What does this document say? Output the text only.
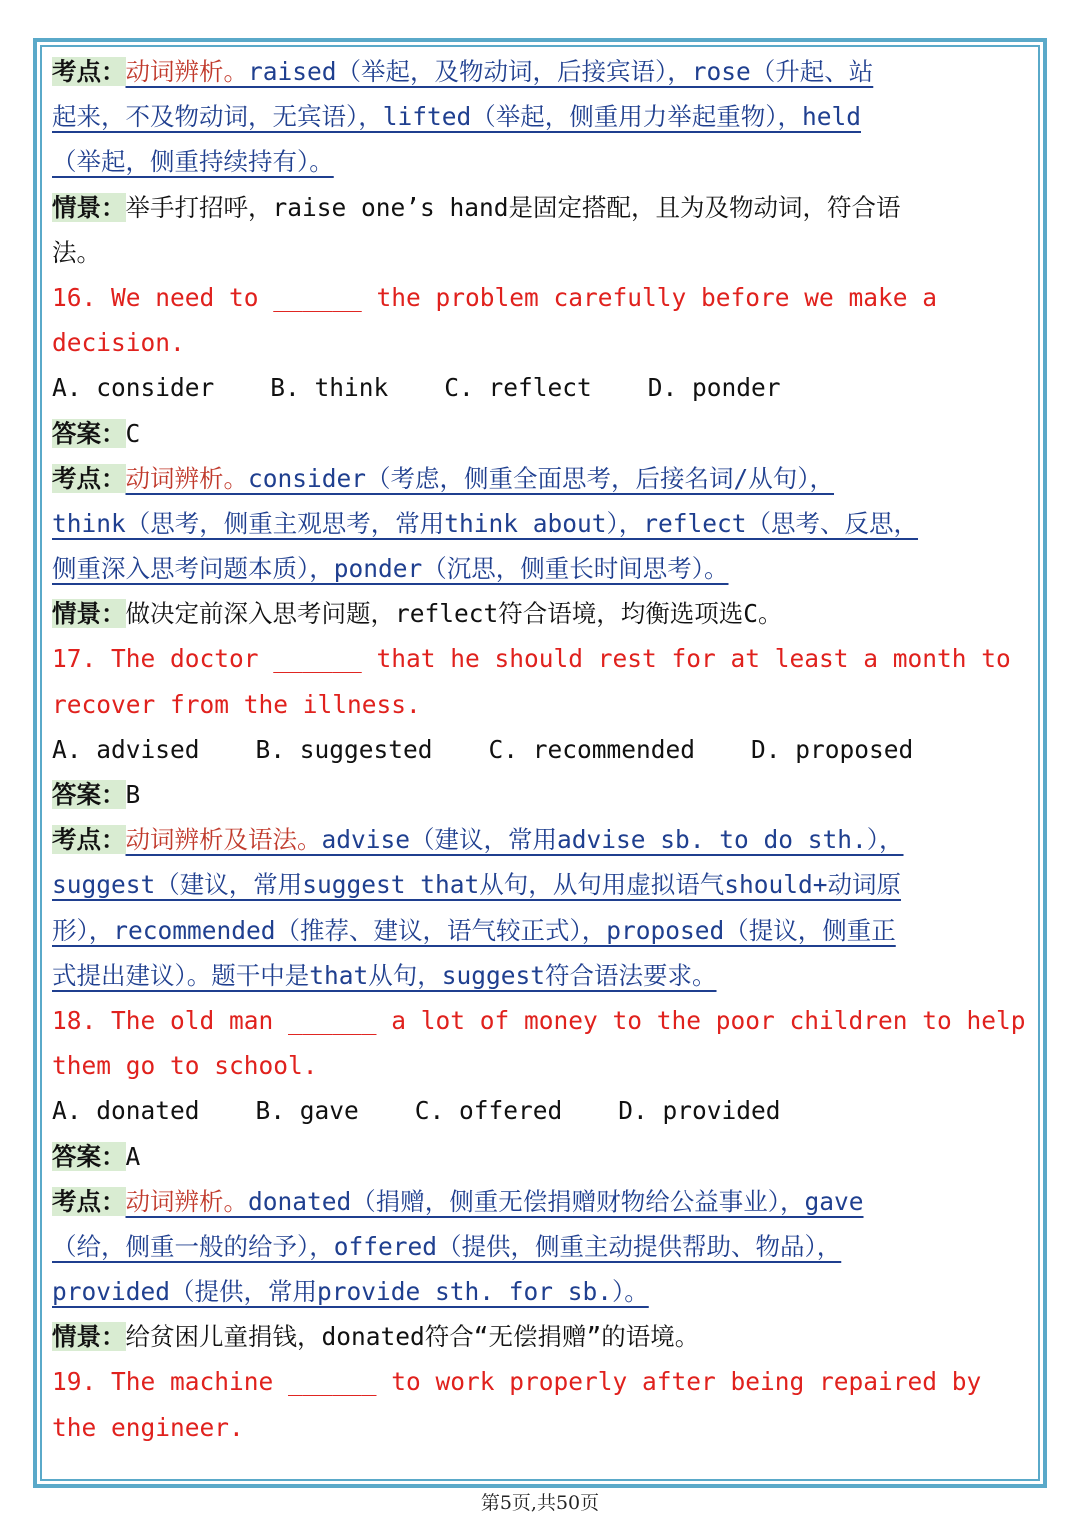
考点：动词辨析。raised（举起，及物动词，后接宾语），rose（升起、站
起来，不及物动词，无宾语），lifted（举起，侧重用力举起重物），held
（举起，侧重持续持有）。
情景：举手打招呼，raise one’s hand是固定搭配，且为及物动词，符合语
法。
16. We need to ______ the problem carefully before we make a
decision.
A. consider B. think C. reflect D. ponder
答案：C
考点：动词辨析。consider（考虑，侧重全面思考，后接名词/从句），
think（思考，侧重主观思考，常用think about），reflect（思考、反思，
侧重深入思考问题本质），ponder（沉思，侧重长时间思考）。
情景：做决定前深入思考问题，reflect符合语境，均衡选项选C。
17. The doctor ______ that he should rest for at least a month to
recover from the illness.
A. advised B. suggested C. recommended D. proposed
答案：B
考点：动词辨析及语法。advise（建议，常用advise sb. to do sth.），
suggest（建议，常用suggest that从句，从句用虚拟语气should+动词原
形），recommended（推荐、建议，语气较正式），proposed（提议，侧重正
式提出建议）。题干中是that从句，suggest符合语法要求。
18. The old man ______ a lot of money to the poor children to help
them go to school.
A. donated B. gave C. offered D. provided
答案：A
考点：动词辨析。donated（捐赠，侧重无偿捐赠财物给公益事业），gave
（给，侧重一般的给予），offered（提供，侧重主动提供帮助、物品），
provided（提供，常用provide sth. for sb.）。
情景：给贫困儿童捐钱，donated符合“无偿捐赠”的语境。
19. The machine ______ to work properly after being repaired by
the engineer.
第5页,共50页
